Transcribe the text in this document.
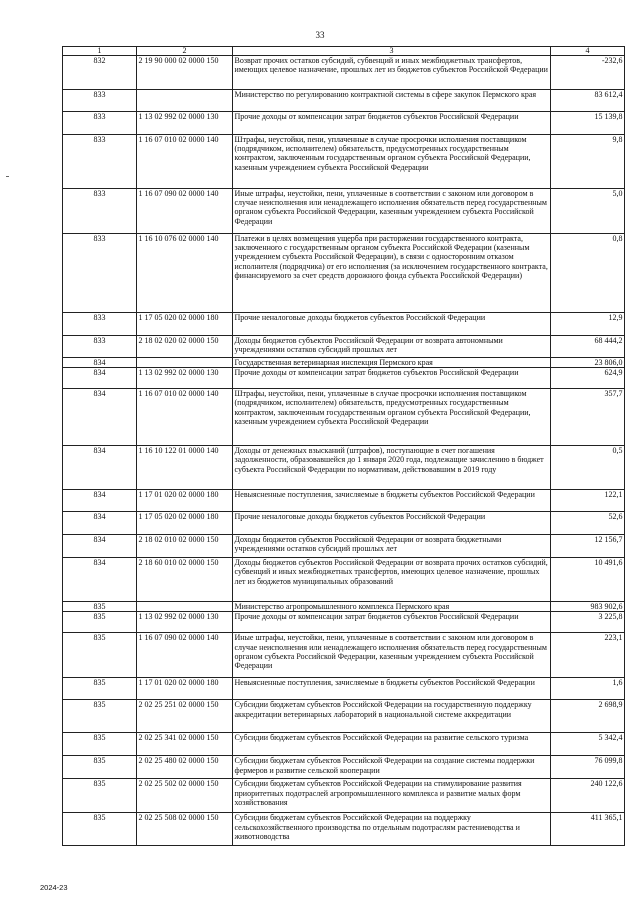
33
1	2	3	4
832	2 19 90 000 02 0000 150	Возврат прочих остатков субсидий, субвенций и иных межбюджетных трансфертов, имеющих целевое назначение, прошлых лет из бюджетов субъектов Российской Федерации	-232,6
833		Министерство по регулированию контрактной системы в сфере закупок Пермского края	83 612,4
833	1 13 02 992 02 0000 130	Прочие доходы от компенсации затрат бюджетов субъектов Российской Федерации	15 139,8
833	1 16 07 010 02 0000 140	Штрафы, неустойки, пени, уплаченные в случае просрочки исполнения поставщиком (подрядчиком, исполнителем) обязательств, предусмотренных государственным контрактом, заключенным государственным органом субъекта Российской Федерации, казенным учреждением субъекта Российской Федерации	9,8
833	1 16 07 090 02 0000 140	Иные штрафы, неустойки, пени, уплаченные в соответствии с законом или договором в случае неисполнения или ненадлежащего исполнения обязательств перед государственным органом субъекта Российской Федерации, казенным учреждением субъекта Российской Федерации	5,0
833	1 16 10 076 02 0000 140	Платежи в целях возмещения ущерба при расторжении государственного контракта, заключенного с государственным органом субъекта Российской Федерации (казенным учреждением субъекта Российской Федерации), в связи с односторонним отказом исполнителя (подрядчика) от его исполнения (за исключением государственного контракта, финансируемого за счет средств дорожного фонда субъекта Российской Федерации)	0,8
833	1 17 05 020 02 0000 180	Прочие неналоговые доходы бюджетов субъектов Российской Федерации	12,9
833	2 18 02 020 02 0000 150	Доходы бюджетов субъектов Российской Федерации от возврата автономными учреждениями остатков субсидий прошлых лет	68 444,2
834		Государственная ветеринарная инспекция Пермского края	23 806,0
834	1 13 02 992 02 0000 130	Прочие доходы от компенсации затрат бюджетов субъектов Российской Федерации	624,9
834	1 16 07 010 02 0000 140	Штрафы, неустойки, пени, уплаченные в случае просрочки исполнения поставщиком (подрядчиком, исполнителем) обязательств, предусмотренных государственным контрактом, заключенным государственным органом субъекта Российской Федерации, казенным учреждением субъекта Российской Федерации	357,7
834	1 16 10 122 01 0000 140	Доходы от денежных взысканий (штрафов), поступающие в счет погашения задолженности, образовавшейся до 1 января 2020 года, подлежащие зачислению в бюджет субъекта Российской Федерации по нормативам, действовавшим в 2019 году	0,5
834	1 17 01 020 02 0000 180	Невыясненные поступления, зачисляемые в бюджеты субъектов Российской Федерации	122,1
834	1 17 05 020 02 0000 180	Прочие неналоговые доходы бюджетов субъектов Российской Федерации	52,6
834	2 18 02 010 02 0000 150	Доходы бюджетов субъектов Российской Федерации от возврата бюджетными учреждениями остатков субсидий прошлых лет	12 156,7
834	2 18 60 010 02 0000 150	Доходы бюджетов субъектов Российской Федерации от возврата прочих остатков субсидий, субвенций и иных межбюджетных трансфертов, имеющих целевое назначение, прошлых лет из бюджетов муниципальных образований	10 491,6
835		Министерство агропромышленного комплекса Пермского края	983 902,6
835	1 13 02 992 02 0000 130	Прочие доходы от компенсации затрат бюджетов субъектов Российской Федерации	3 225,8
835	1 16 07 090 02 0000 140	Иные штрафы, неустойки, пени, уплаченные в соответствии с законом или договором в случае неисполнения или ненадлежащего исполнения обязательств перед государственным органом субъекта Российской Федерации, казенным учреждением субъекта Российской Федерации	223,1
835	1 17 01 020 02 0000 180	Невыясненные поступления, зачисляемые в бюджеты субъектов Российской Федерации	1,6
835	2 02 25 251 02 0000 150	Субсидии бюджетам субъектов Российской Федерации на государственную поддержку аккредитации ветеринарных лабораторий в национальной системе аккредитации	2 698,9
835	2 02 25 341 02 0000 150	Субсидии бюджетам субъектов Российской Федерации на развитие сельского туризма	5 342,4
835	2 02 25 480 02 0000 150	Субсидии бюджетам субъектов Российской Федерации на создание системы поддержки фермеров и развитие сельской кооперации	76 099,8
835	2 02 25 502 02 0000 150	Субсидии бюджетам субъектов Российской Федерации на стимулирование развития приоритетных подотраслей агропромышленного комплекса и развитие малых форм хозяйствования	240 122,6
835	2 02 25 508 02 0000 150	Субсидии бюджетам субъектов Российской Федерации на поддержку сельскохозяйственного производства по отдельным подотраслям растениеводства и животноводства	411 365,1
2024-23
